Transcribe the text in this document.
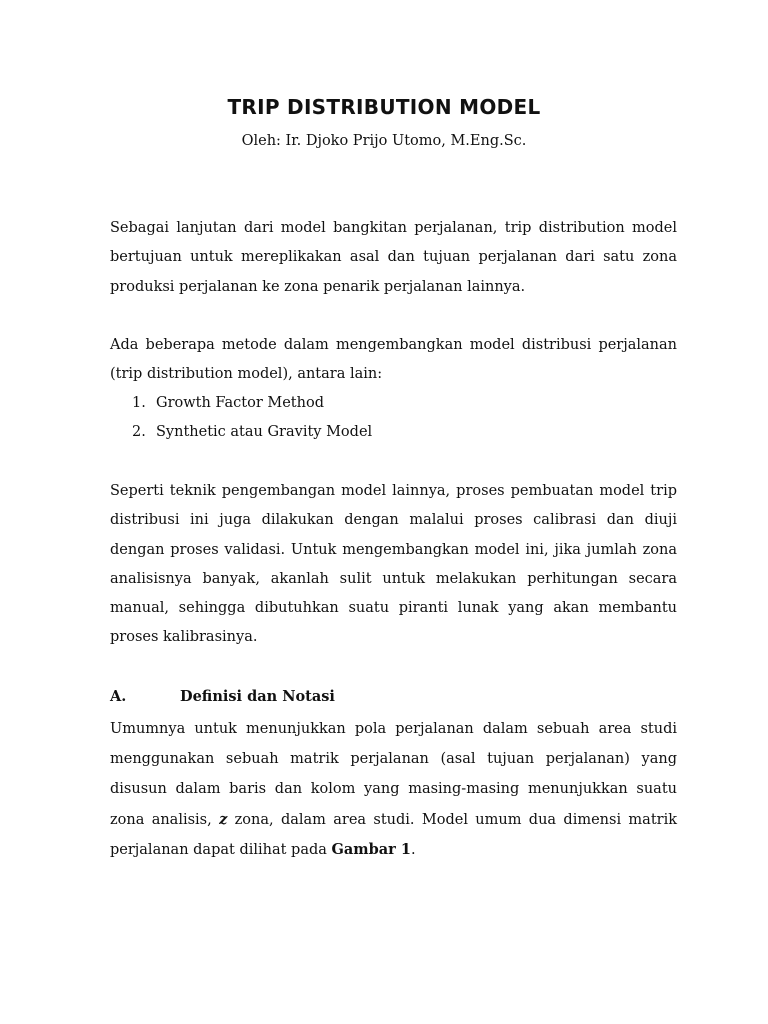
TRIP DISTRIBUTION MODEL

Oleh: Ir. Djoko Prijo Utomo, M.Eng.Sc.

Sebagai lanjutan dari model bangkitan perjalanan, trip distribution model bertujuan untuk mereplikakan asal dan tujuan perjalanan dari satu zona produksi perjalanan ke zona penarik perjalanan lainnya.

Ada beberapa metode dalam mengembangkan model distribusi perjalanan (trip distribution model), antara lain:

1. Growth Factor Method
2. Synthetic atau Gravity Model

Seperti teknik pengembangan model lainnya, proses pembuatan model trip distribusi ini juga dilakukan dengan malalui proses calibrasi dan diuji dengan proses validasi. Untuk mengembangkan model ini, jika jumlah zona analisisnya banyak, akanlah sulit untuk melakukan perhitungan secara manual, sehingga dibutuhkan suatu piranti lunak yang akan membantu proses kalibrasinya.

A.	Definisi dan Notasi

Umumnya untuk menunjukkan pola perjalanan dalam sebuah area studi menggunakan sebuah matrik perjalanan (asal tujuan perjalanan) yang disusun dalam baris dan kolom yang masing-masing menunjukkan suatu zona analisis, z zona, dalam area studi. Model umum dua dimensi matrik perjalanan dapat dilihat pada Gambar 1.
